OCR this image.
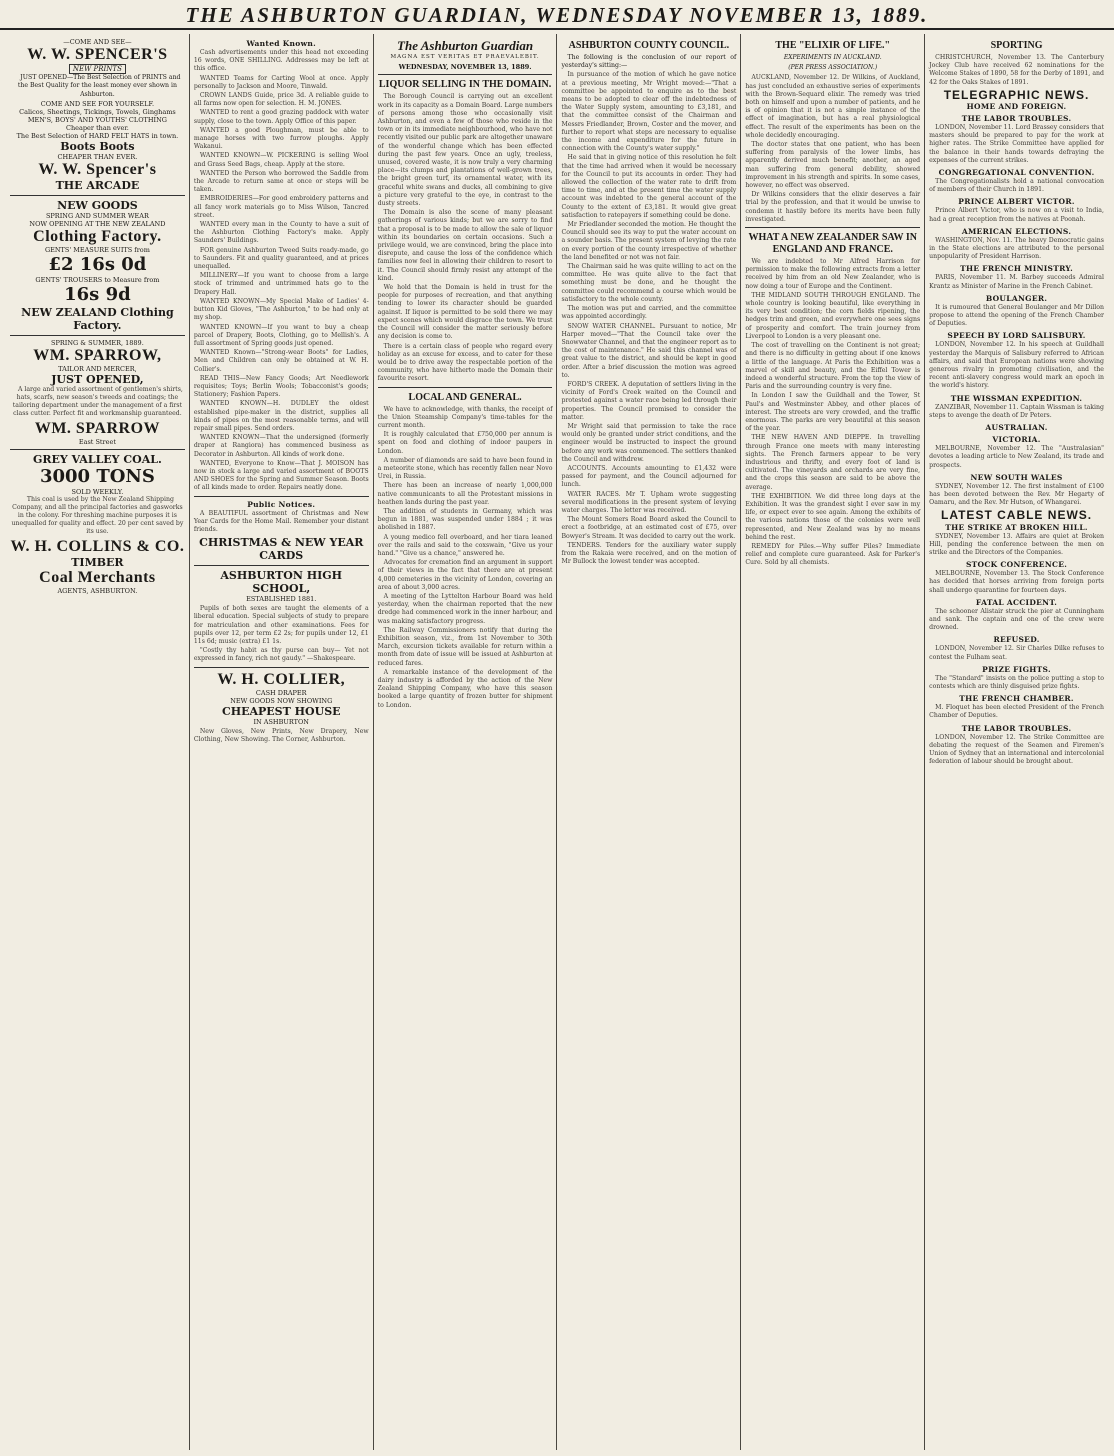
THE ASHBURTON GUARDIAN, WEDNESDAY NOVEMBER 13, 1889.
—COME AND SEE—
W. W. SPENCER'S
NEW PRINTS

JUST OPENED—The Best Selection of PRINTS and the Best Quality for the least money ever shown in Ashburton.

COME AND SEE FOR YOURSELF.
Calicos, Sheetings, Tickings, Towels, Ginghams
MEN'S, BOYS' AND YOUTHS' CLOTHING
Cheaper than ever.
The Best Selection of HARD FELT HATS in town.
Boots Boots
CHEAPER THAN EVER.
W. W. Spencer's
THE ARCADE
NEW GOODS
SPRING AND SUMMER WEAR
NOW OPENING AT THE NEW ZEALAND
Clothing Factory.
GENTS' MEASURE SUITS from
£2 16s 0d
GENTS' TROUSERS to Measure from
16s 9d
NEW ZEALAND Clothing Factory.
SPRING & SUMMER, 1889.
WM. SPARROW,
TAILOR AND MERCER,
JUST OPENED,

A large and varied assortment of gentlemen's shirts, hats, scarfs, new season's tweeds and coatings; the tailoring department under the management of a first class cutter. Perfect fit and workmanship guaranteed.

WM. SPARROW
East Street
GREY VALLEY COAL.
3000 TONS
SOLD WEEKLY.

This coal is used by the New Zealand Shipping Company, and all the principal factories and gasworks in the colony. For threshing machine purposes it is unequalled for quality and effect. 20 per cent saved by its use.

W. H. COLLINS & CO.
TIMBER
Coal Merchants
AGENTS, ASHBURTON.
Wanted Known.

Cash advertisements under this head not exceeding 16 words, ONE SHILLING. Addresses may be left at this office.

WANTED Teams for Carting Wool at once. Apply personally to Jackson and Moore, Tinwald.

CROWN LANDS Guide, price 3d. A reliable guide to all farms now open for selection. H. M. JONES.

WANTED to rent a good grazing paddock with water supply, close to the town. Apply Office of this paper.

WANTED a good Ploughman, must be able to manage horses with two furrow ploughs. Apply Wakanui.

WANTED KNOWN—W. PICKERING is selling Wool and Grass Seed Bags, cheap. Apply at the store.

WANTED the Person who borrowed the Saddle from the Arcade to return same at once or steps will be taken.

EMBROIDERIES—For good embroidery patterns and all fancy work materials go to Miss Wilson, Tancred street.

WANTED every man in the County to have a suit of the Ashburton Clothing Factory's make. Apply Saunders' Buildings.

FOR genuine Ashburton Tweed Suits ready-made, go to Saunders. Fit and quality guaranteed, and at prices unequalled.

MILLINERY—If you want to choose from a large stock of trimmed and untrimmed hats go to the Drapery Hall.

WANTED KNOWN—My Special Make of Ladies' 4-button Kid Gloves, "The Ashburton," to be had only at my shop.

WANTED KNOWN—If you want to buy a cheap parcel of Drapery, Boots, Clothing, go to Mellish's. A full assortment of Spring goods just opened.

WANTED Known—"Strong-wear Boots" for Ladies, Men and Children can only be obtained at W. H. Collier's.

READ THIS—New Fancy Goods; Art Needlework requisites; Toys; Berlin Wools; Tobacconist's goods; Stationery; Fashion Papers.

WANTED KNOWN—H. DUDLEY the oldest established pipe-maker in the district, supplies all kinds of pipes on the most reasonable terms, and will repair small pipes. Send orders.

WANTED KNOWN—That the undersigned (formerly draper at Rangiora) has commenced business as Decorator in Ashburton. All kinds of work done.

WANTED, Everyone to Know—That J. MOISON has now in stock a large and varied assortment of BOOTS AND SHOES for the Spring and Summer Season. Boots of all kinds made to order. Repairs neatly done.

Public Notices.

A BEAUTIFUL assortment of Christmas and New Year Cards for the Home Mail. Remember your distant friends.

CHRISTMAS & NEW YEAR CARDS
ASHBURTON HIGH SCHOOL,
ESTABLISHED 1881.

Pupils of both sexes are taught the elements of a liberal education. Special subjects of study to prepare for matriculation and other examinations. Fees for pupils over 12, per term £2 2s; for pupils under 12, £1 11s 6d; music (extra) £1 1s.

"Costly thy habit as thy purse can buy— Yet not expressed in fancy, rich not gaudy." —Shakespeare.

W. H. COLLIER,
CASH DRAPER
NEW GOODS NOW SHOWING
CHEAPEST HOUSE
IN ASHBURTON

New Gloves, New Prints, New Drapery, New Clothing, New Showing. The Corner, Ashburton.

The Ashburton Guardian
MAGNA EST VERITAS ET PRAEVALEBIT.
WEDNESDAY, NOVEMBER 13, 1889.
LIQUOR SELLING IN THE DOMAIN.

The Borough Council is carrying out an excellent work in its capacity as a Domain Board. Large numbers of persons among those who occasionally visit Ashburton, and even a few of those who reside in the town or in its immediate neighbourhood, who have not recently visited our public park are altogether unaware of the wonderful change which has been effected during the past few years. Once an ugly, treeless, unused, covered waste, it is now truly a very charming place—its clumps and plantations of well-grown trees, the bright green turf, its ornamental water, with its graceful white swans and ducks, all combining to give a picture very grateful to the eye, in contrast to the dusty streets.

The Domain is also the scene of many pleasant gatherings of various kinds; but we are sorry to find that a proposal is to be made to allow the sale of liquor within its boundaries on certain occasions. Such a privilege would, we are convinced, bring the place into disrepute, and cause the loss of the confidence which families now feel in allowing their children to resort to it. The Council should firmly resist any attempt of the kind.

We hold that the Domain is held in trust for the people for purposes of recreation, and that anything tending to lower its character should be guarded against. If liquor is permitted to be sold there we may expect scenes which would disgrace the town. We trust the Council will consider the matter seriously before any decision is come to.

There is a certain class of people who regard every holiday as an excuse for excess, and to cater for these would be to drive away the respectable portion of the community, who have hitherto made the Domain their favourite resort.

LOCAL AND GENERAL.

We have to acknowledge, with thanks, the receipt of the Union Steamship Company's time-tables for the current month.

It is roughly calculated that £750,000 per annum is spent on food and clothing of indoor paupers in London.

A number of diamonds are said to have been found in a meteorite stone, which has recently fallen near Novo Urei, in Russia.

There has been an increase of nearly 1,000,000 native communicants to all the Protestant missions in heathen lands during the past year.

The addition of students in Germany, which was begun in 1881, was suspended under 1884 ; it was abolished in 1887.

A young medico fell overboard, and her tiara leaned over the rails and said to the coxswain, "Give us your hand." "Give us a chance," answered he.

Advocates for cremation find an argument in support of their views in the fact that there are at present 4,000 cemeteries in the vicinity of London, covering an area of about 3,000 acres.

A meeting of the Lyttelton Harbour Board was held yesterday, when the chairman reported that the new dredge had commenced work in the inner harbour, and was making satisfactory progress.

The Railway Commissioners notify that during the Exhibition season, viz., from 1st November to 30th March, excursion tickets available for return within a month from date of issue will be issued at Ashburton at reduced fares.

A remarkable instance of the development of the dairy industry is afforded by the action of the New Zealand Shipping Company, who have this season booked a large quantity of frozen butter for shipment to London.

ASHBURTON COUNTY COUNCIL.

The following is the conclusion of our report of yesterday's sitting:—

In pursuance of the motion of which he gave notice at a previous meeting, Mr Wright moved:—"That a committee be appointed to enquire as to the best means to be adopted to clear off the indebtedness of the Water Supply system, amounting to £3,181, and that the committee consist of the Chairman and Messrs Friedlander, Brown, Coster and the mover, and further to report what steps are necessary to equalise the income and expenditure for the future in connection with the County's water supply."

He said that in giving notice of this resolution he felt that the time had arrived when it would be necessary for the Council to put its accounts in order. They had allowed the collection of the water rate to drift from time to time, and at the present time the water supply account was indebted to the general account of the County to the extent of £3,181. It would give great satisfaction to ratepayers if something could be done.

Mr Friedlander seconded the motion. He thought the Council should see its way to put the water account on a sounder basis. The present system of levying the rate on every portion of the county irrespective of whether the land benefited or not was not fair.

The Chairman said he was quite willing to act on the committee. He was quite alive to the fact that something must be done, and he thought the committee could recommend a course which would be satisfactory to the whole county.

The motion was put and carried, and the committee was appointed accordingly.

SNOW WATER CHANNEL. Pursuant to notice, Mr Harper moved—"That the Council take over the Snowwater Channel, and that the engineer report as to the cost of maintenance." He said this channel was of great value to the district, and should be kept in good order. After a brief discussion the motion was agreed to.

FORD'S CREEK. A deputation of settlers living in the vicinity of Ford's Creek waited on the Council and protested against a water race being led through their properties. The Council promised to consider the matter.

Mr Wright said that permission to take the race would only be granted under strict conditions, and the engineer would be instructed to inspect the ground before any work was commenced. The settlers thanked the Council and withdrew.

ACCOUNTS. Accounts amounting to £1,432 were passed for payment, and the Council adjourned for lunch.

WATER RACES. Mr T. Upham wrote suggesting several modifications in the present system of levying water charges. The letter was received.

The Mount Somers Road Board asked the Council to erect a footbridge, at an estimated cost of £75, over Bowyer's Stream. It was decided to carry out the work.

TENDERS. Tenders for the auxiliary water supply from the Rakaia were received, and on the motion of Mr Bullock the lowest tender was accepted.

THE "ELIXIR OF LIFE."
EXPERIMENTS IN AUCKLAND.
(PER PRESS ASSOCIATION.)

AUCKLAND, November 12. Dr Wilkins, of Auckland, has just concluded an exhaustive series of experiments with the Brown-Sequard elixir. The remedy was tried both on himself and upon a number of patients, and he is of opinion that it is not a simple instance of the effect of imagination, but has a real physiological effect. The result of the experiments has been on the whole decidedly encouraging.

The doctor states that one patient, who has been suffering from paralysis of the lower limbs, has apparently derived much benefit; another, an aged man suffering from general debility, showed improvement in his strength and spirits. In some cases, however, no effect was observed.

Dr Wilkins considers that the elixir deserves a fair trial by the profession, and that it would be unwise to condemn it hastily before its merits have been fully investigated.

WHAT A NEW ZEALANDER SAW IN ENGLAND AND FRANCE.

We are indebted to Mr Alfred Harrison for permission to make the following extracts from a letter received by him from an old New Zealander, who is now doing a tour of Europe and the Continent.

THE MIDLAND SOUTH THROUGH ENGLAND. The whole country is looking beautiful, like everything in its very best condition; the corn fields ripening, the hedges trim and green, and everywhere one sees signs of prosperity and comfort. The train journey from Liverpool to London is a very pleasant one.

The cost of travelling on the Continent is not great; and there is no difficulty in getting about if one knows a little of the language. At Paris the Exhibition was a marvel of skill and beauty, and the Eiffel Tower is indeed a wonderful structure. From the top the view of Paris and the surrounding country is very fine.

In London I saw the Guildhall and the Tower, St Paul's and Westminster Abbey, and other places of interest. The streets are very crowded, and the traffic enormous. The parks are very beautiful at this season of the year.

THE NEW HAVEN AND DIEPPE. In travelling through France one meets with many interesting sights. The French farmers appear to be very industrious and thrifty, and every foot of land is cultivated. The vineyards and orchards are very fine, and the crops this season are said to be above the average.

THE EXHIBITION. We did three long days at the Exhibition. It was the grandest sight I ever saw in my life, or expect ever to see again. Among the exhibits of the various nations those of the colonies were well represented, and New Zealand was by no means behind the rest.

REMEDY for Piles.—Why suffer Piles? Immediate relief and complete cure guaranteed. Ask for Parker's Cure. Sold by all chemists.

SPORTING

CHRISTCHURCH, November 13. The Canterbury Jockey Club have received 62 nominations for the Welcome Stakes of 1890, 58 for the Derby of 1891, and 42 for the Oaks Stakes of 1891.

TELEGRAPHIC NEWS.
HOME AND FOREIGN.
THE LABOR TROUBLES.

LONDON, November 11. Lord Brassey considers that masters should be prepared to pay for the work at higher rates. The Strike Committee have applied for the balance in their hands towards defraying the expenses of the current strikes.

CONGREGATIONAL CONVENTION.

The Congregationalists hold a national convocation of members of their Church in 1891.

PRINCE ALBERT VICTOR.

Prince Albert Victor, who is now on a visit to India, had a great reception from the natives at Poonah.

AMERICAN ELECTIONS.

WASHINGTON, Nov. 11. The heavy Democratic gains in the State elections are attributed to the personal unpopularity of President Harrison.

THE FRENCH MINISTRY.

PARIS, November 11. M. Barbey succeeds Admiral Krantz as Minister of Marine in the French Cabinet.

BOULANGER.

It is rumoured that General Boulanger and Mr Dillon propose to attend the opening of the French Chamber of Deputies.

SPEECH BY LORD SALISBURY.

LONDON, November 12. In his speech at Guildhall yesterday the Marquis of Salisbury referred to African affairs, and said that European nations were showing generous rivalry in promoting civilisation, and the recent anti-slavery congress would mark an epoch in the world's history.

THE WISSMAN EXPEDITION.

ZANZIBAR, November 11. Captain Wissman is taking steps to avenge the death of Dr Peters.

AUSTRALIAN.
VICTORIA.

MELBOURNE, November 12. The "Australasian" devotes a leading article to New Zealand, its trade and prospects.

NEW SOUTH WALES

SYDNEY, November 12. The first instalment of £100 has been devoted between the Rev. Mr Hegarty of Oamaru, and the Rev. Mr Hutson, of Whangarei.

LATEST CABLE NEWS.
THE STRIKE AT BROKEN HILL.

SYDNEY, November 13. Affairs are quiet at Broken Hill, pending the conference between the men on strike and the Directors of the Companies.

STOCK CONFERENCE.

MELBOURNE, November 13. The Stock Conference has decided that horses arriving from foreign ports shall undergo quarantine for fourteen days.

FATAL ACCIDENT.

The schooner Alistair struck the pier at Cunningham and sank. The captain and one of the crew were drowned.

REFUSED.

LONDON, November 12. Sir Charles Dilke refuses to contest the Fulham seat.

PRIZE FIGHTS.

The "Standard" insists on the police putting a stop to contests which are thinly disguised prize fights.

THE FRENCH CHAMBER.

M. Floquet has been elected President of the French Chamber of Deputies.

THE LABOR TROUBLES.

LONDON, November 12. The Strike Committee are debating the request of the Seamen and Firemen's Union of Sydney that an international and intercolonial federation of labour should be brought about.
